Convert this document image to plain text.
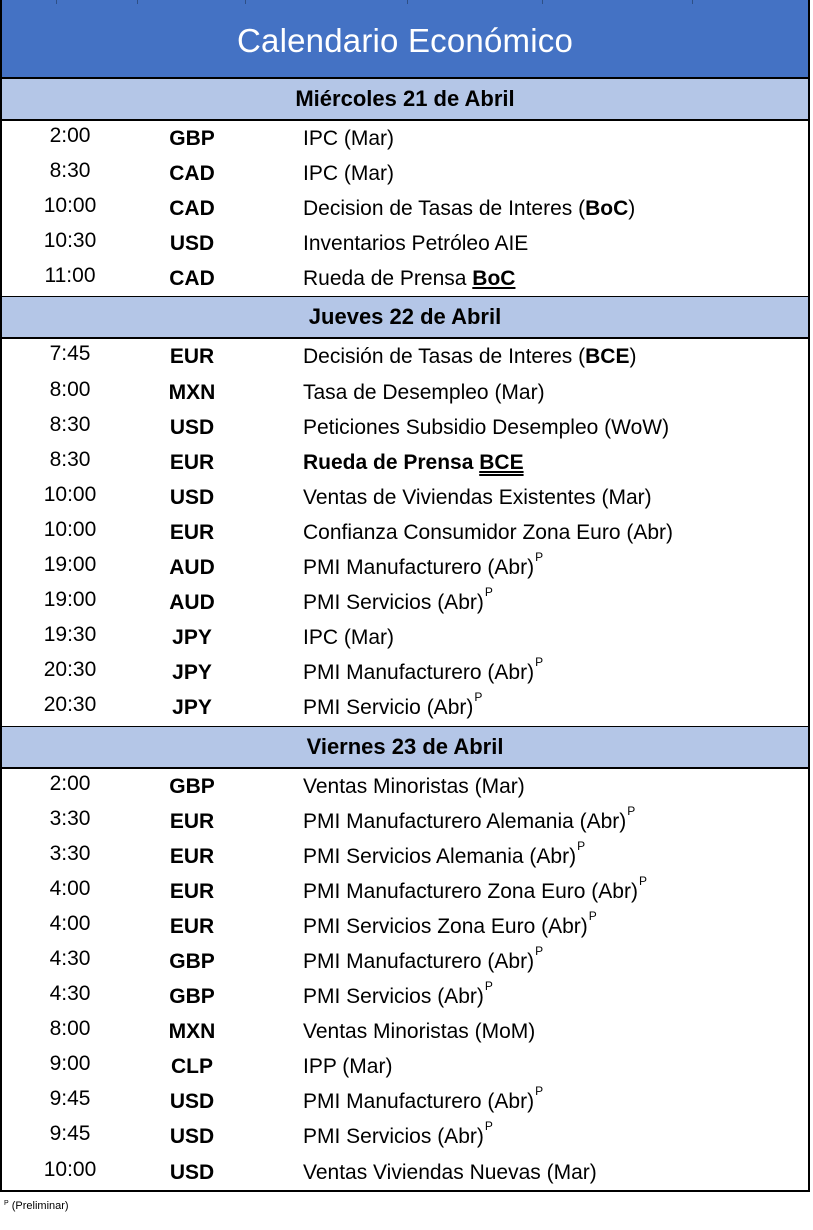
Calendario Económico
Miércoles 21 de Abril
2:00	GBP	IPC (Mar)
8:30	CAD	IPC (Mar)
10:00	CAD	Decision de Tasas de Interes (BoC)
10:30	USD	Inventarios Petróleo AIE
11:00	CAD	Rueda de Prensa BoC
Jueves 22 de Abril
7:45	EUR	Decisión de Tasas de Interes (BCE)
8:00	MXN	Tasa de Desempleo (Mar)
8:30	USD	Peticiones Subsidio Desempleo (WoW)
8:30	EUR	Rueda de Prensa BCE
10:00	USD	Ventas de Viviendas Existentes (Mar)
10:00	EUR	Confianza Consumidor Zona Euro (Abr)
19:00	AUD	PMI Manufacturero (Abr)$^P$
19:00	AUD	PMI Servicios (Abr)$^P$
19:30	JPY	IPC (Mar)
20:30	JPY	PMI Manufacturero (Abr)$^P$
20:30	JPY	PMI Servicio (Abr)$^P$
Viernes 23 de Abril
2:00	GBP	Ventas Minoristas (Mar)
3:30	EUR	PMI Manufacturero Alemania (Abr)$^P$
3:30	EUR	PMI Servicios Alemania (Abr)$^P$
4:00	EUR	PMI Manufacturero Zona Euro (Abr)$^P$
4:00	EUR	PMI Servicios Zona Euro (Abr)$^P$
4:30	GBP	PMI Manufacturero (Abr)$^P$
4:30	GBP	PMI Servicios (Abr)$^P$
8:00	MXN	Ventas Minoristas (MoM)
9:00	CLP	IPP (Mar)
9:45	USD	PMI Manufacturero (Abr)$^P$
9:45	USD	PMI Servicios (Abr)$^P$
10:00	USD	Ventas Viviendas Nuevas (Mar)
$^P$ (Preliminar)
